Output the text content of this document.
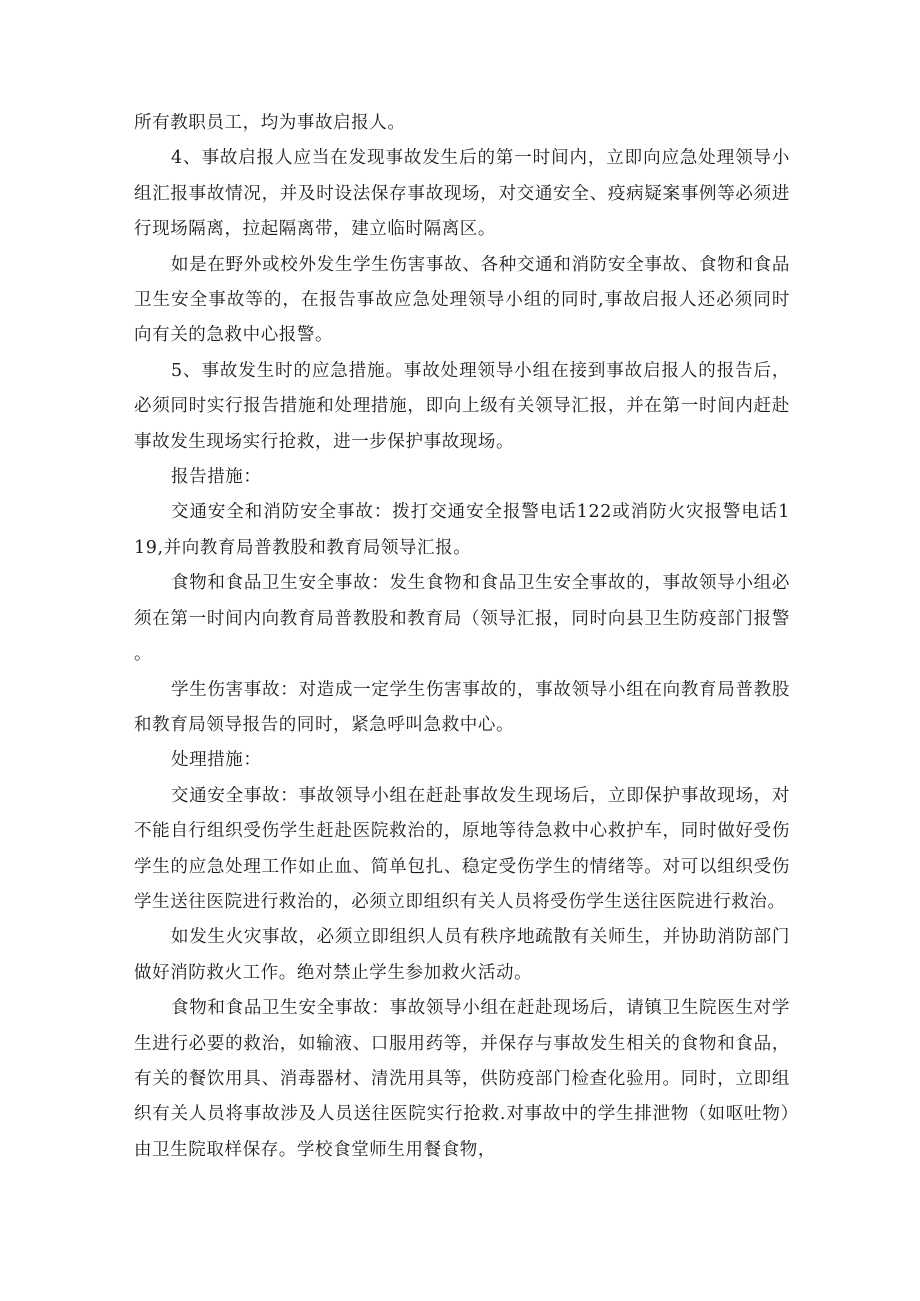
所有教职员工，均为事故启报人。

4、事故启报人应当在发现事故发生后的第一时间内，立即向应急处理领导小组汇报事故情况，并及时设法保存事故现场，对交通安全、疫病疑案事例等必须进行现场隔离，拉起隔离带，建立临时隔离区。

如是在野外或校外发生学生伤害事故、各种交通和消防安全事故、食物和食品卫生安全事故等的，在报告事故应急处理领导小组的同时,事故启报人还必须同时向有关的急救中心报警。

5、事故发生时的应急措施。事故处理领导小组在接到事故启报人的报告后，必须同时实行报告措施和处理措施，即向上级有关领导汇报，并在第一时间内赶赴事故发生现场实行抢救，进一步保护事故现场。

报告措施：

交通安全和消防安全事故：拨打交通安全报警电话122或消防火灾报警电话119,并向教育局普教股和教育局领导汇报。

食物和食品卫生安全事故：发生食物和食品卫生安全事故的，事故领导小组必须在第一时间内向教育局普教股和教育局（领导汇报，同时向县卫生防疫部门报警。

学生伤害事故：对造成一定学生伤害事故的，事故领导小组在向教育局普教股和教育局领导报告的同时，紧急呼叫急救中心。

处理措施：

交通安全事故：事故领导小组在赶赴事故发生现场后，立即保护事故现场，对不能自行组织受伤学生赶赴医院救治的，原地等待急救中心救护车，同时做好受伤学生的应急处理工作如止血、简单包扎、稳定受伤学生的情绪等。对可以组织受伤学生送往医院进行救治的，必须立即组织有关人员将受伤学生送往医院进行救治。

如发生火灾事故，必须立即组织人员有秩序地疏散有关师生，并协助消防部门做好消防救火工作。绝对禁止学生参加救火活动。

食物和食品卫生安全事故：事故领导小组在赶赴现场后，请镇卫生院医生对学生进行必要的救治，如输液、口服用药等，并保存与事故发生相关的食物和食品，有关的餐饮用具、消毒器材、清洗用具等，供防疫部门检查化验用。同时，立即组织有关人员将事故涉及人员送往医院实行抢救.对事故中的学生排泄物（如呕吐物）由卫生院取样保存。学校食堂师生用餐食物，
